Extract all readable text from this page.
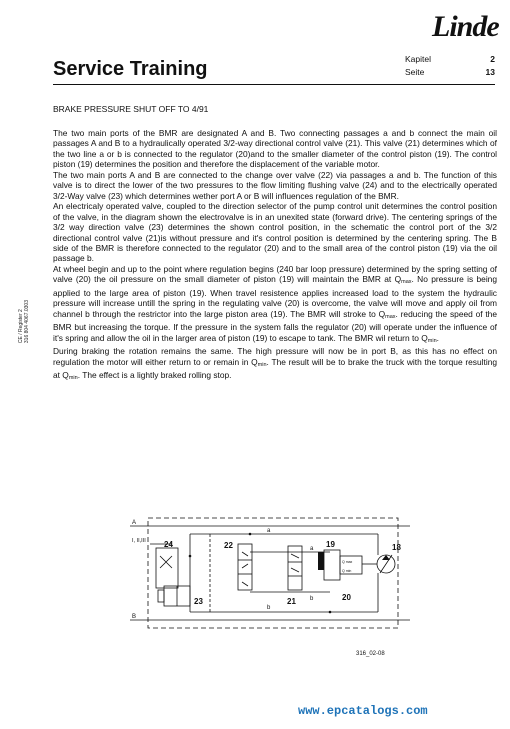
Linde
Service Training	Kapitel	2
Seite	13
BRAKE PRESSURE SHUT OFF TO 4/91

The two main ports of the BMR are designated A and B. Two connecting passages a and b connect the main oil passages A and B to a hydraulically operated 3/2-way directional control valve (21). This valve (21) determines which of the two line a or b is connected to the regulator (20)and to the smaller diameter of the control piston (19). The control piston (19) determines the position and therefore the displacement of the variable motor.

The two main ports A and B are connected to the change over valve (22) via passages a and b. The function of this valve is to direct the lower of the two pressures to the flow limiting flushing valve (24) and to the electrically operated 3/2-Way valve (23) which determines wether port A or B will influences regulation of the BMR.

An electricaly operated valve, coupled to the direction selector of the pump control unit determines the control position of the valve, in the diagram shown the electrovalve is in an unexited state (forward drive). The centering springs of the 3/2 way direction valve (23) determines the shown control position, in the schematic the control port of the 3/2 directional control valve (21)is without pressure and it's control position is determined by the centering spring. The B side of the BMR is therefore connected to the regulator (20) and to the small area of the control piston (19) via the oil passage b.

At wheel begin and up to the point where regulation begins (240 bar loop pressure) determined by the spring setting of valve (20) the oil pressure on the small diameter of piston (19) will maintain the BMR at $Q_{max}$. No pressure is being applied to the large area of piston (19). When travel resistence applies increased load to the system the hydraulic pressure will increase untill the spring in the regulating valve (20) is overcome, the valve will move and apply oil from channel b through the restrictor into the large piston area (19). The BMR will stroke to $Q_{max}$. reducing the speed of the BMR but increasing the torque. If the pressure in the system falls the regulator (20) will operate under the influence of it's spring and allow the oil in the larger area of piston (19) to escape to tank. The BMR wil return to $Q_{min}$.

During braking the rotation remains the same. The high pressure will now be in port B, as this has no effect on regulation the motor will either return to or remain in $Q_{min}$. The result will be to brake the truck with the torque resulting at $Q_{min}$. The effect is a lightly braked rolling stop.

CE / Register 2 316 804 4067.0303
A
B
I, II,III
a
b
a
b
24	22
23	21
19
20
18
Q max
Q min
316_02-08
www.epcatalogs.com
